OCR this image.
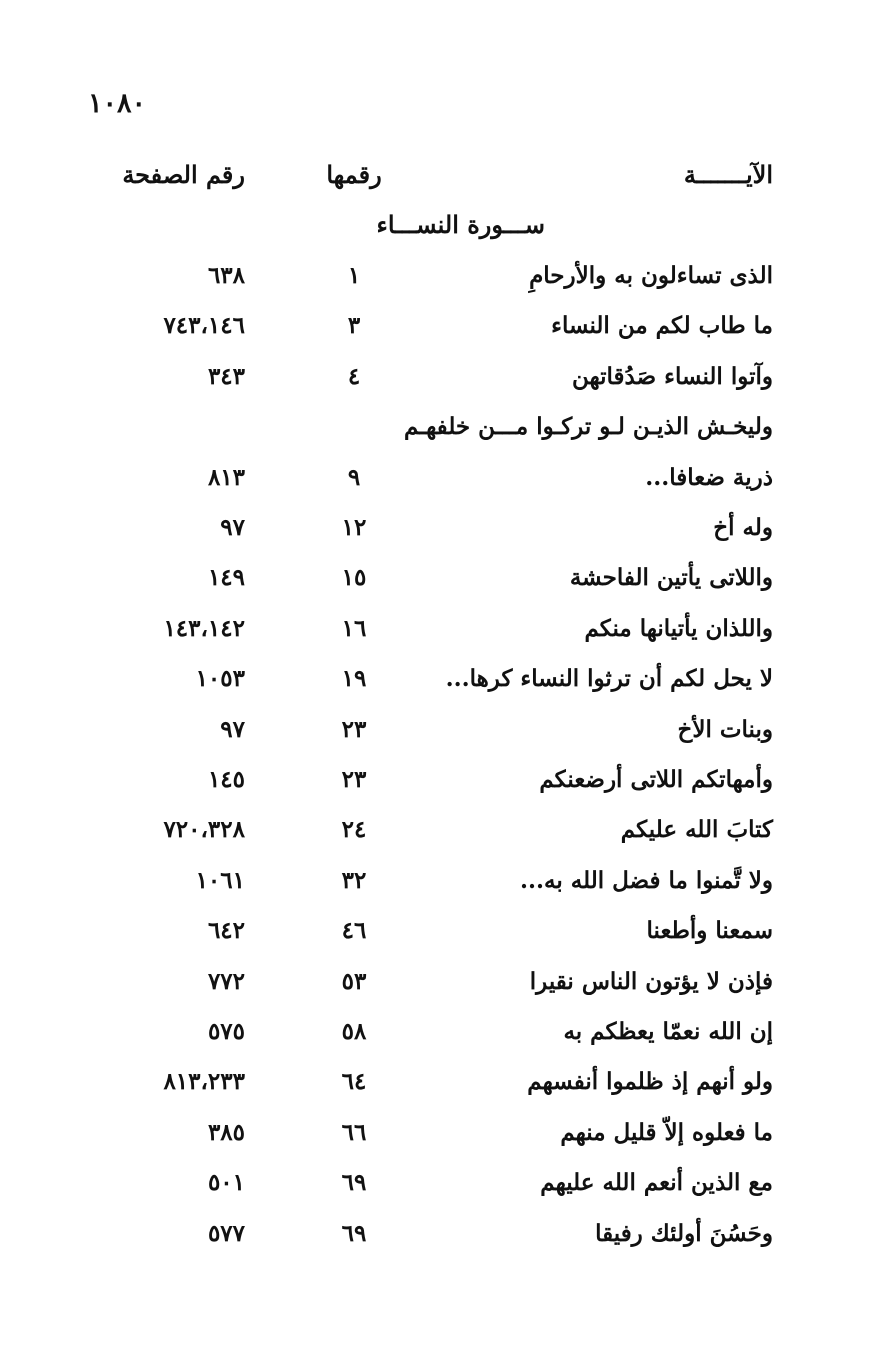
١٠٨٠
الآيـــــــة
رقمها
رقم الصفحة
ســـورة النســـاء
الذى تساءلون به والأرحامِ
١
٦٣٨
ما طاب لكم من النساء
٣
٧٤٣،١٤٦
وآتوا النساء صَدُقاتهن
٤
٣٤٣
وليخـش الذيـن لـو تركـوا مـــن خلفهـم
ذرية ضعافا...
٩
٨١٣
وله أخ
١٢
٩٧
واللاتى يأتين الفاحشة
١٥
١٤٩
واللذان يأتيانها منكم
١٦
١٤٣،١٤٢
لا يحل لكم أن ترثوا النساء كرها...
١٩
١٠٥٣
وبنات الأخ
٢٣
٩٧
وأمهاتكم اللاتى أرضعنكم
٢٣
١٤٥
كتابَ الله عليكم
٢٤
٧٢٠،٣٢٨
ولا تَّمنوا ما فضل الله به...
٣٢
١٠٦١
سمعنا وأطعنا
٤٦
٦٤٢
فإذن لا يؤتون الناس نقيرا
٥٣
٧٧٢
إن الله نعمّا يعظكم به
٥٨
٥٧٥
ولو أنهم إذ ظلموا أنفسهم
٦٤
٨١٣،٢٣٣
ما فعلوه إلاّ قليل منهم
٦٦
٣٨٥
مع الذين أنعم الله عليهم
٦٩
٥٠١
وحَسُنَ أولئك رفيقا
٦٩
٥٧٧
